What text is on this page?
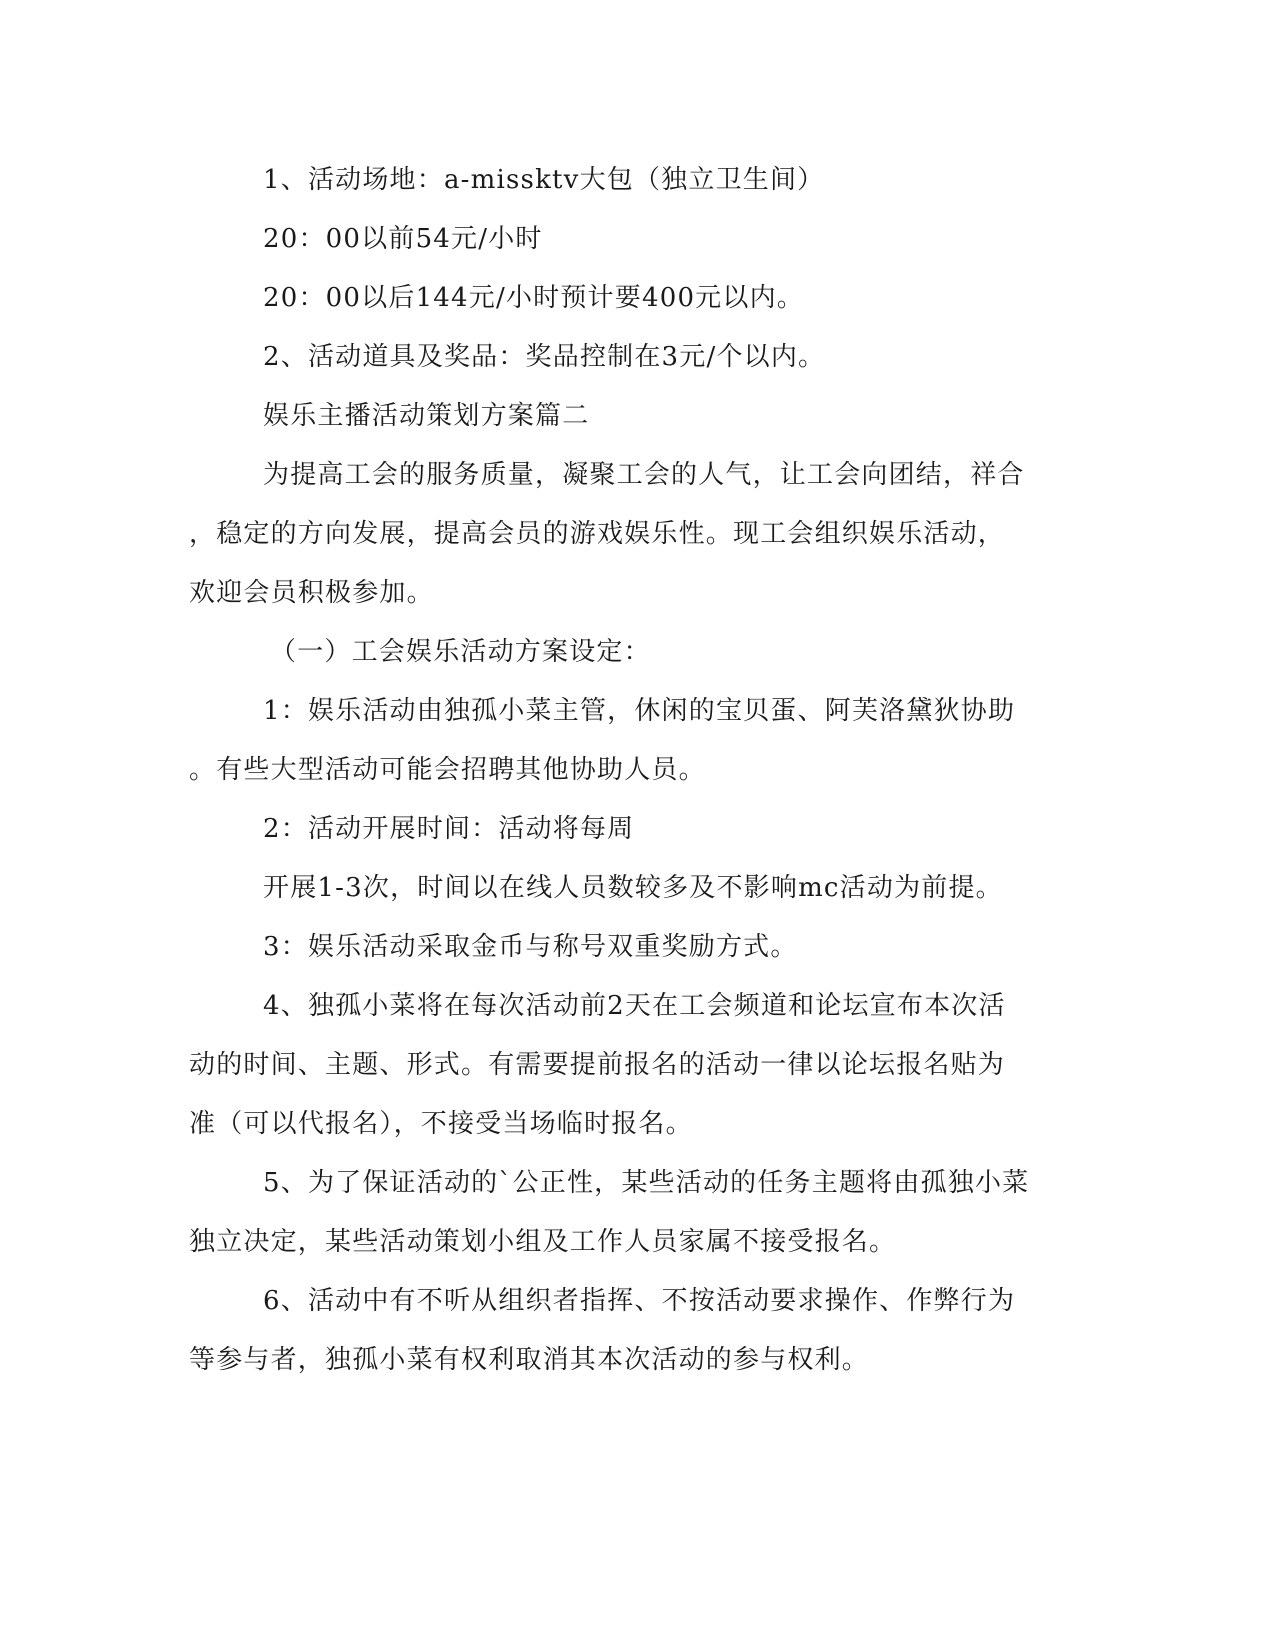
1、活动场地：a-missktv大包（独立卫生间）

20：00以前54元/小时

20：00以后144元/小时预计要400元以内。

2、活动道具及奖品：奖品控制在3元/个以内。

娱乐主播活动策划方案篇二

为提高工会的服务质量，凝聚工会的人气，让工会向团结，祥合

，稳定的方向发展，提高会员的游戏娱乐性。现工会组织娱乐活动，

欢迎会员积极参加。

（一）工会娱乐活动方案设定：

1：娱乐活动由独孤小菜主管，休闲的宝贝蛋、阿芙洛黛狄协助

。有些大型活动可能会招聘其他协助人员。

2：活动开展时间：活动将每周

开展1-3次，时间以在线人员数较多及不影响mc活动为前提。

3：娱乐活动采取金币与称号双重奖励方式。

4、独孤小菜将在每次活动前2天在工会频道和论坛宣布本次活

动的时间、主题、形式。有需要提前报名的活动一律以论坛报名贴为

准（可以代报名），不接受当场临时报名。

5、为了保证活动的`公正性，某些活动的任务主题将由孤独小菜

独立决定，某些活动策划小组及工作人员家属不接受报名。

6、活动中有不听从组织者指挥、不按活动要求操作、作弊行为

等参与者，独孤小菜有权利取消其本次活动的参与权利。
